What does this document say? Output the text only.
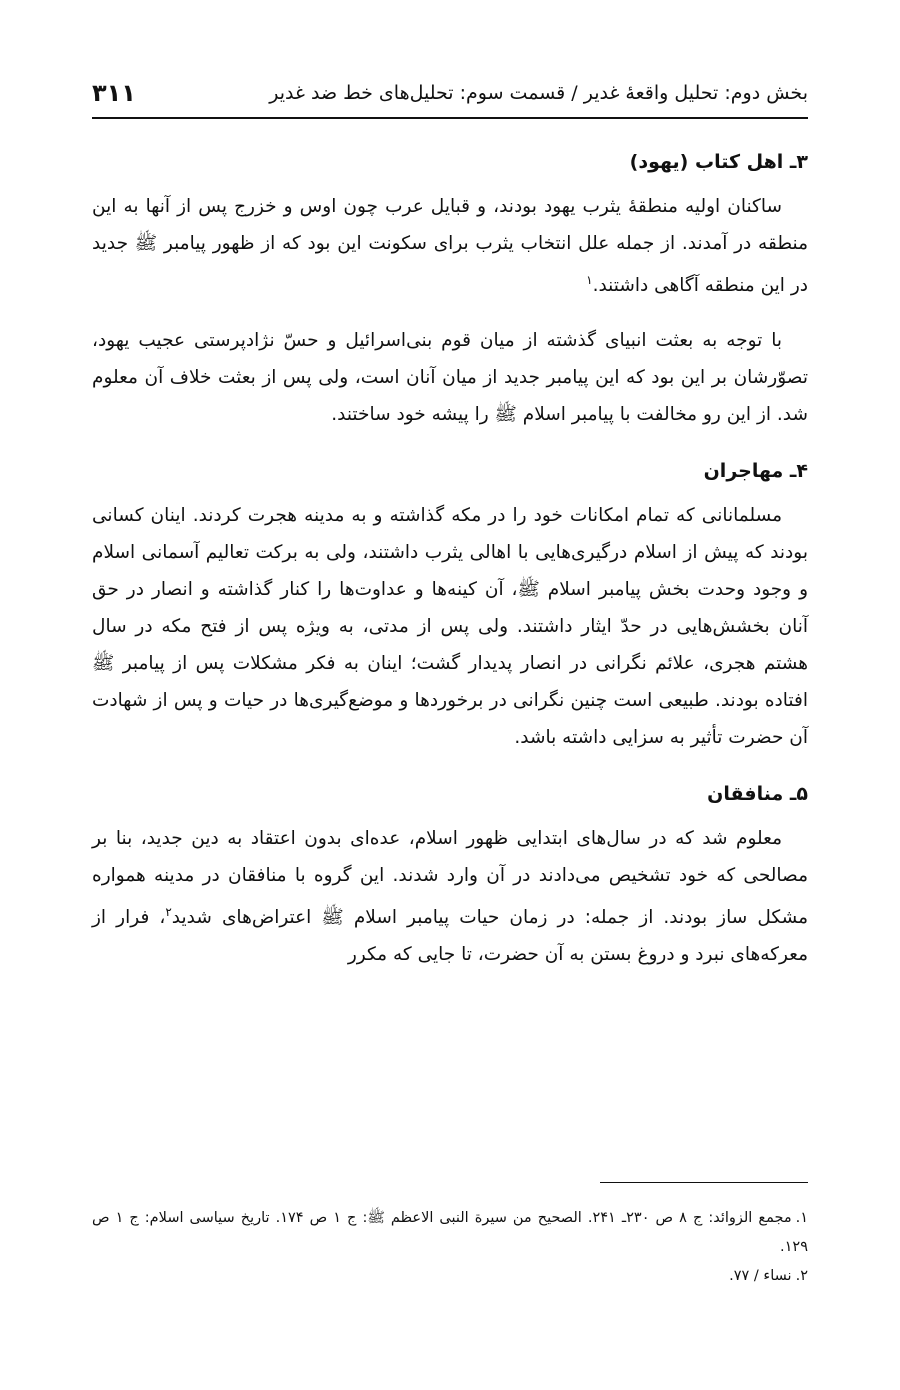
بخش دوم: تحلیل واقعهٔ غدیر / قسمت سوم: تحلیل‌های خط ضد غدیر
۳۱۱
۳ـ اهل کتاب (یهود)

ساکنان اولیه منطقهٔ یثرب یهود بودند، و قبایل عرب چون اوس و خزرج پس از آنها به این منطقه در آمدند. از جمله علل انتخاب یثرب برای سکونت این بود که از ظهور پیامبر ﷺ جدید در این منطقه آگاهی داشتند.$^۱$

با توجه به بعثت انبیای گذشته از میان قوم بنی‌اسرائیل و حسّ نژادپرستی عجیب یهود، تصوّرشان بر این بود که این پیامبر جدید از میان آنان است، ولی پس از بعثت خلاف آن معلوم شد. از این رو مخالفت با پیامبر اسلام ﷺ را پیشه خود ساختند.

۴ـ مهاجران

مسلمانانی که تمام امکانات خود را در مکه گذاشته و به مدینه هجرت کردند. اینان کسانی بودند که پیش از اسلام درگیری‌هایی با اهالی یثرب داشتند، ولی به برکت تعالیم آسمانی اسلام و وجود وحدت بخش پیامبر اسلام ﷺ، آن کینه‌ها و عداوت‌ها را کنار گذاشته و انصار در حق آنان بخشش‌هایی در حدّ ایثار داشتند. ولی پس از مدتی، به ویژه پس از فتح مکه در سال هشتم هجری، علائم نگرانی در انصار پدیدار گشت؛ اینان به فکر مشکلات پس از پیامبر ﷺ افتاده بودند. طبیعی است چنین نگرانی در برخوردها و موضع‌گیری‌ها در حیات و پس از شهادت آن حضرت تأثیر به سزایی داشته باشد.

۵ـ منافقان

معلوم شد که در سال‌های ابتدایی ظهور اسلام، عده‌ای بدون اعتقاد به دین جدید، بنا بر مصالحی که خود تشخیص می‌دادند در آن وارد شدند. این گروه با منافقان در مدینه همواره مشکل ساز بودند. از جمله: در زمان حیات پیامبر اسلام ﷺ اعتراض‌های شدید$^۲$، فرار از معرکه‌های نبرد و دروغ بستن به آن حضرت، تا جایی که مکرر

۱.مجمع الزوائد: ج ۸ ص ۲۳۰ـ ۲۴۱. الصحیح من سیرة النبی الاعظم ﷺ: ج ۱ ص ۱۷۴. تاریخ سیاسی اسلام: ج ۱ ص ۱۲۹.

۲.نساء / ۷۷.
